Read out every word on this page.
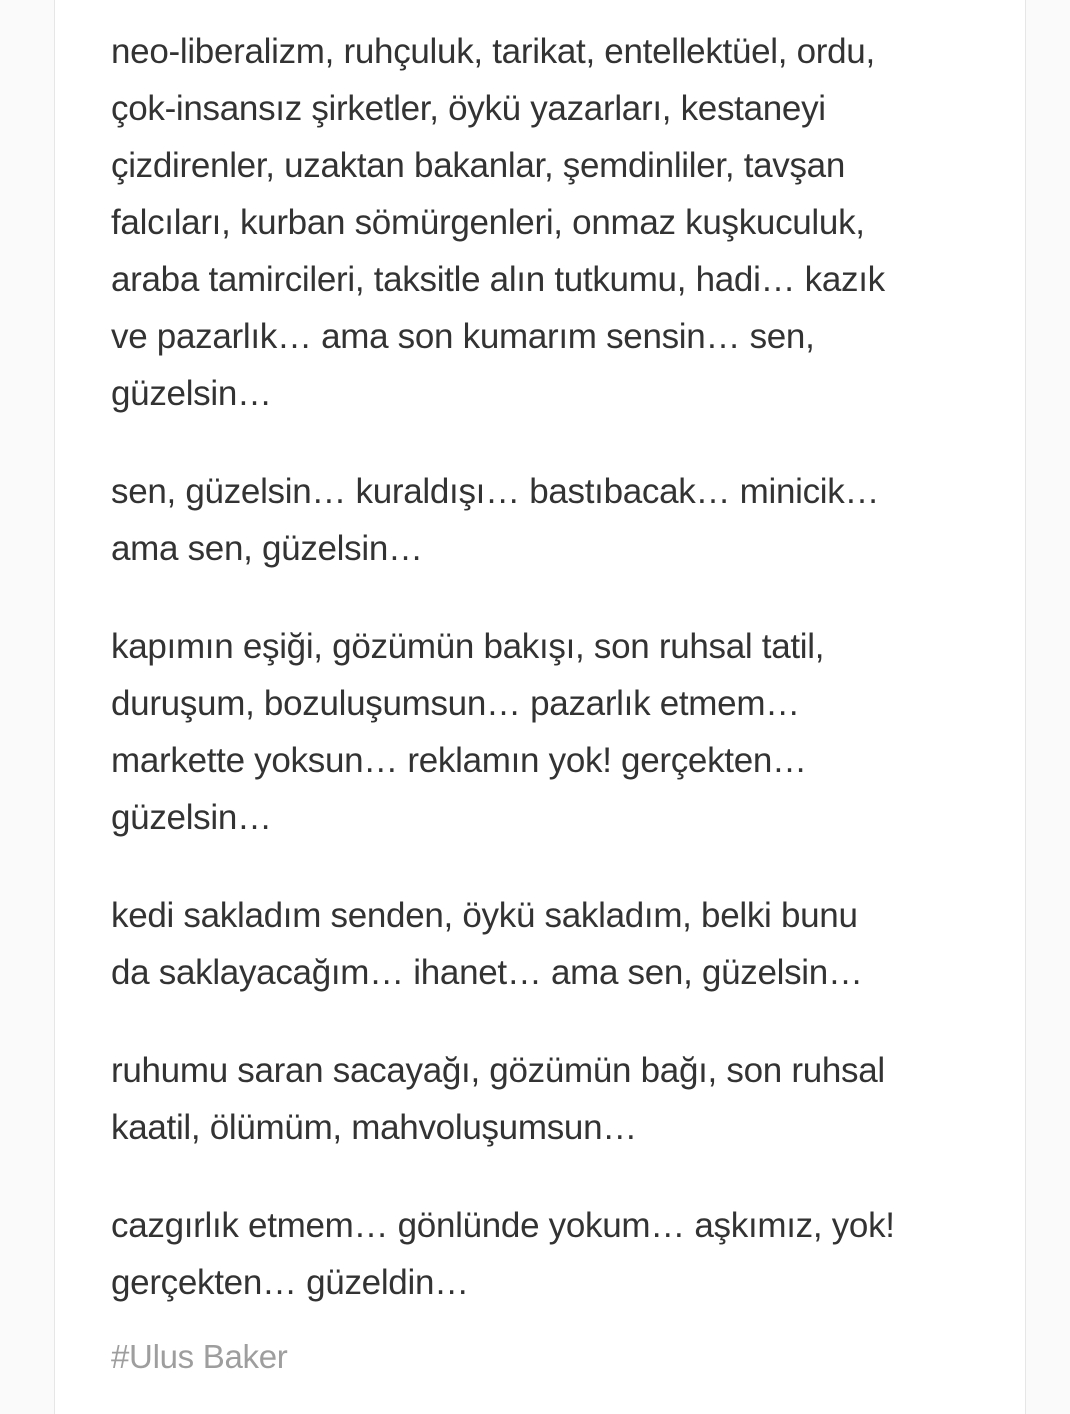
neo-liberalizm, ruhçuluk, tarikat, entellektüel, ordu,
çok-insansız şirketler, öykü yazarları, kestaneyi
çizdirenler, uzaktan bakanlar, şemdinliler, tavşan
falcıları, kurban sömürgenleri, onmaz kuşkuculuk,
araba tamircileri, taksitle alın tutkumu, hadi… kazık
ve pazarlık… ama son kumarım sensin… sen,
güzelsin…

sen, güzelsin… kuraldışı… bastıbacak… minicik…
ama sen, güzelsin…

kapımın eşiği, gözümün bakışı, son ruhsal tatil,
duruşum, bozuluşumsun… pazarlık etmem…
markette yoksun… reklamın yok! gerçekten…
güzelsin…

kedi sakladım senden, öykü sakladım, belki bunu
da saklayacağım… ihanet… ama sen, güzelsin…

ruhumu saran sacayağı, gözümün bağı, son ruhsal
kaatil, ölümüm, mahvoluşumsun…

cazgırlık etmem… gönlünde yokum… aşkımız, yok!
gerçekten… güzeldin…

#Ulus Baker
